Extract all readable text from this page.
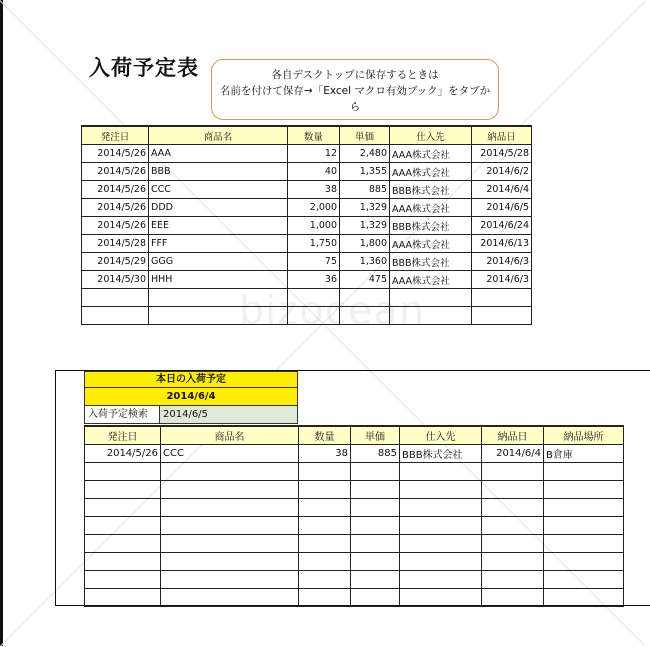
bizocean
入荷予定表	各自デスクトップに保存するときは
名前を付けて保存→「Excel マクロ有効ブック」をタブか
ら
発注日	商品名	数量	単価	仕入先	納品日
2014/5/26	AAA	12	2,480	AAA株式会社	2014/5/28
2014/5/26	BBB	40	1,355	AAA株式会社	2014/6/2
2014/5/26	CCC	38	885	BBB株式会社	2014/6/4
2014/5/26	DDD	2,000	1,329	AAA株式会社	2014/6/5
2014/5/26	EEE	1,000	1,329	BBB株式会社	2014/6/24
2014/5/28	FFF	1,750	1,800	AAA株式会社	2014/6/13
2014/5/29	GGG	75	1,360	BBB株式会社	2014/6/3
2014/5/30	HHH	36	475	AAA株式会社	2014/6/3

本日の入荷予定
2014/6/4
入荷予定検索	2014/6/5
発注日	商品名	数量	単価	仕入先	納品日	納品場所
2014/5/26	CCC	38	885	BBB株式会社	2014/6/4	B倉庫
